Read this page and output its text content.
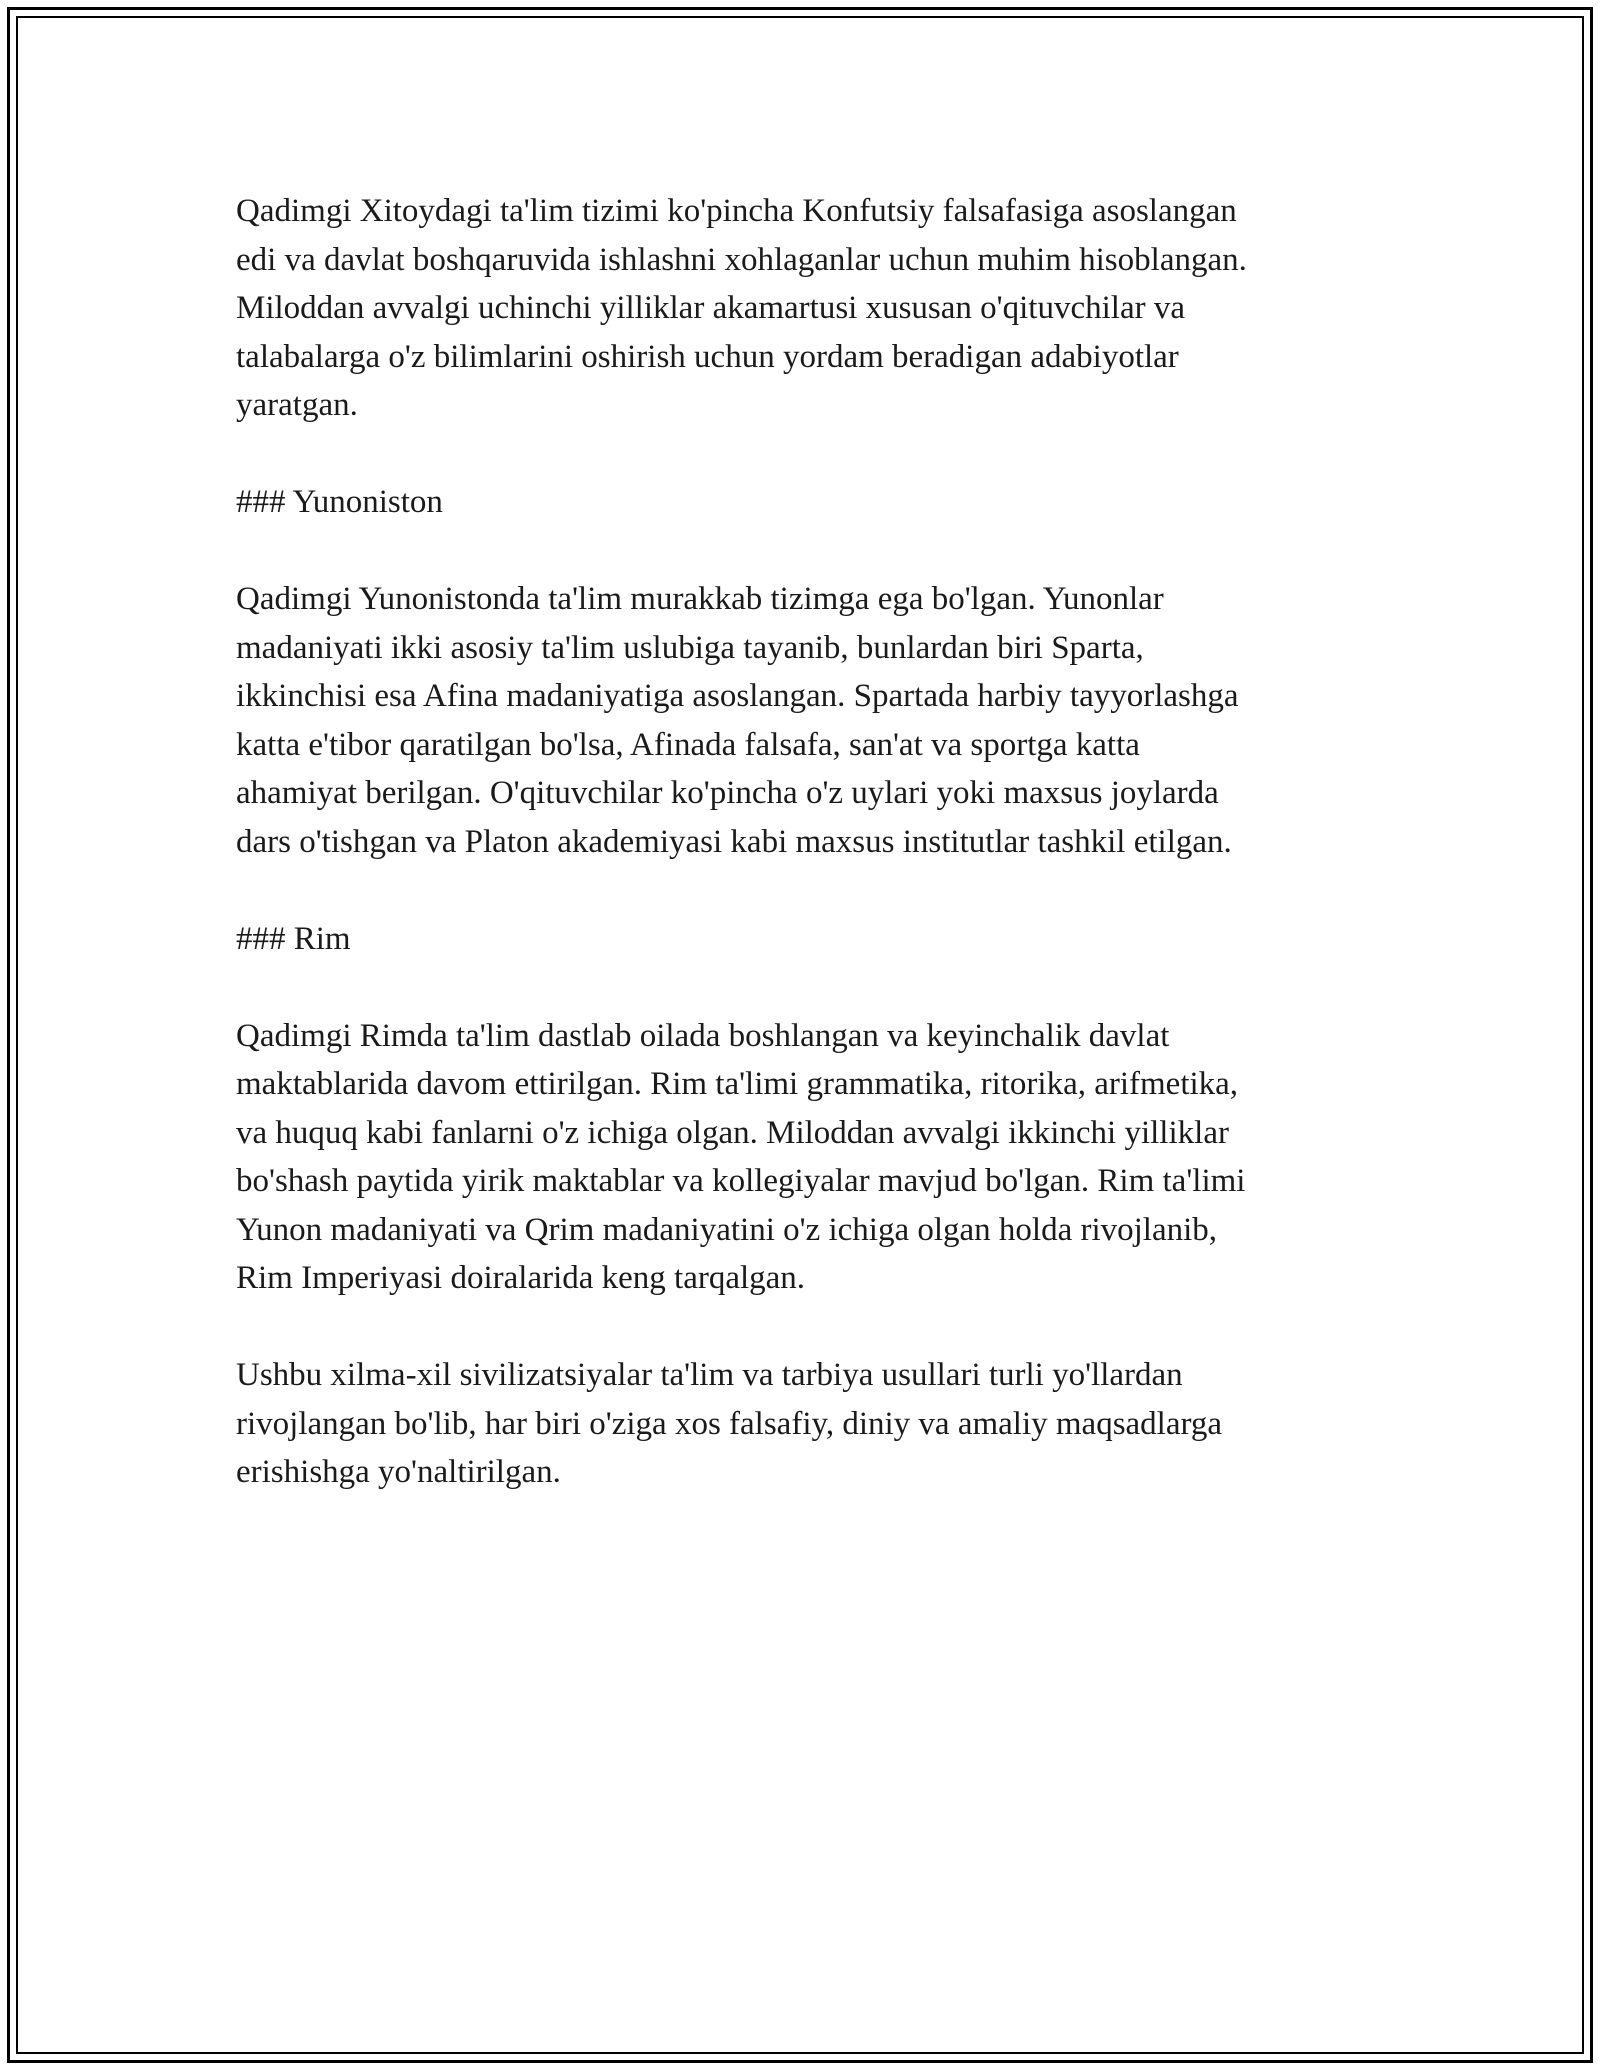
Qadimgi Xitoydagi ta'lim tizimi ko'pincha Konfutsiy falsafasiga asoslangan
edi va davlat boshqaruvida ishlashni xohlaganlar uchun muhim hisoblangan.
Miloddan avvalgi uchinchi yilliklar akamartusi xususan o'qituvchilar va
talabalarga o'z bilimlarini oshirish uchun yordam beradigan adabiyotlar
yaratgan.

### Yunoniston

Qadimgi Yunonistonda ta'lim murakkab tizimga ega bo'lgan. Yunonlar
madaniyati ikki asosiy ta'lim uslubiga tayanib, bunlardan biri Sparta,
ikkinchisi esa Afina madaniyatiga asoslangan. Spartada harbiy tayyorlashga
katta e'tibor qaratilgan bo'lsa, Afinada falsafa, san'at va sportga katta
ahamiyat berilgan. O'qituvchilar ko'pincha o'z uylari yoki maxsus joylarda
dars o'tishgan va Platon akademiyasi kabi maxsus institutlar tashkil etilgan.

### Rim

Qadimgi Rimda ta'lim dastlab oilada boshlangan va keyinchalik davlat
maktablarida davom ettirilgan. Rim ta'limi grammatika, ritorika, arifmetika,
va huquq kabi fanlarni o'z ichiga olgan. Miloddan avvalgi ikkinchi yilliklar
bo'shash paytida yirik maktablar va kollegiyalar mavjud bo'lgan. Rim ta'limi
Yunon madaniyati va Qrim madaniyatini o'z ichiga olgan holda rivojlanib,
Rim Imperiyasi doiralarida keng tarqalgan.

Ushbu xilma-xil sivilizatsiyalar ta'lim va tarbiya usullari turli yo'llardan
rivojlangan bo'lib, har biri o'ziga xos falsafiy, diniy va amaliy maqsadlarga
erishishga yo'naltirilgan.
